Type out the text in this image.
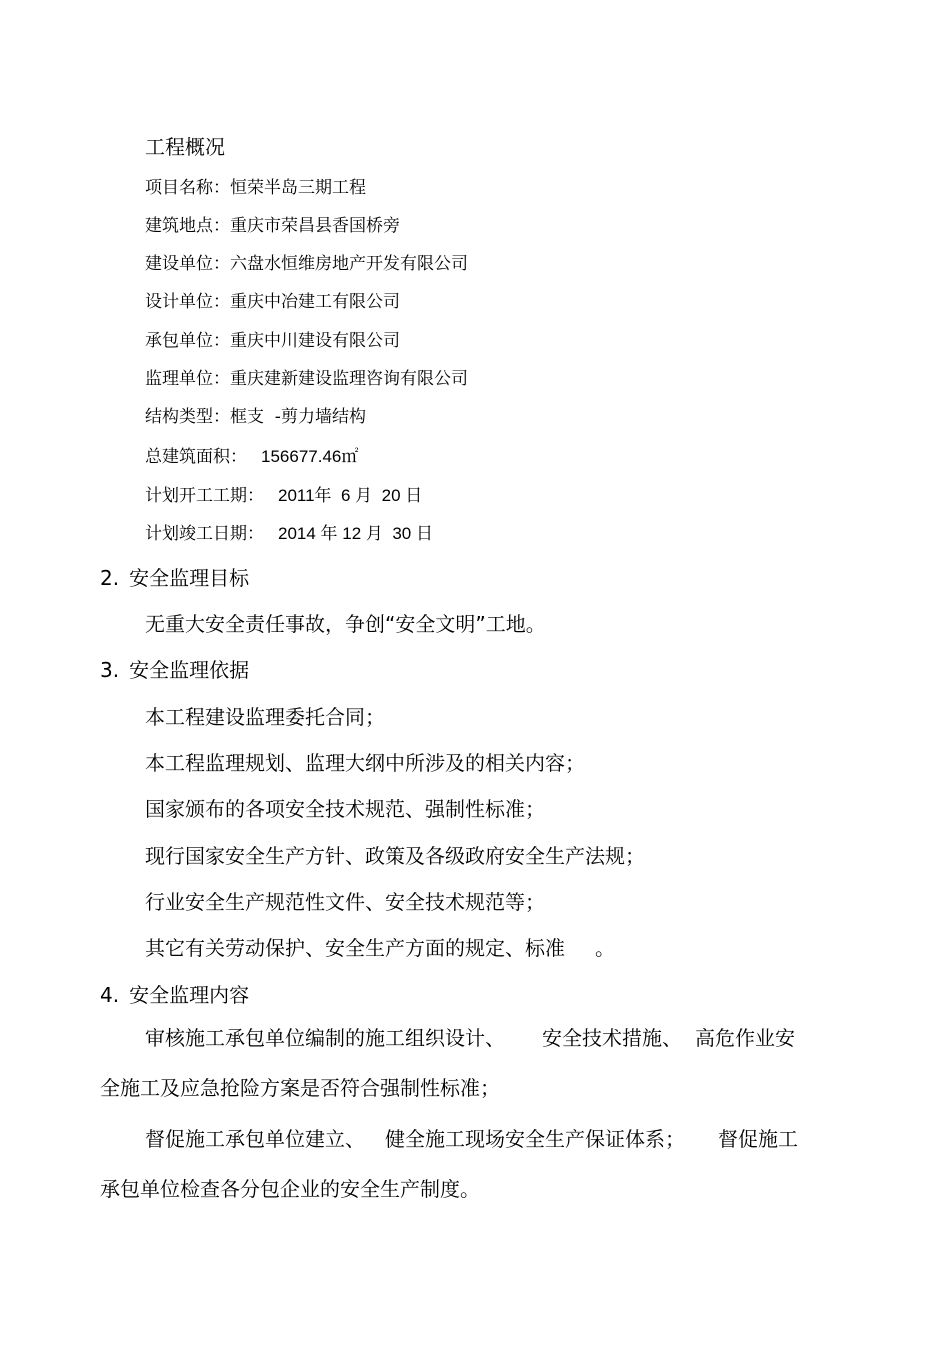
工程概况
项目名称：恒荣半岛三期工程
建筑地点：重庆市荣昌县香国桥旁
建设单位：六盘水恒维房地产开发有限公司
设计单位：重庆中冶建工有限公司
承包单位：重庆中川建设有限公司
监理单位：重庆建新建设监理咨询有限公司
结构类型：框支  -剪力墙结构
总建筑面积： 156677.46㎡
计划开工工期： 2011年  6 月  20 日
计划竣工日期： 2014 年 12 月  30 日
2. 安全监理目标
无重大安全责任事故，争创“安全文明”工地。
3. 安全监理依据
本工程建设监理委托合同；
本工程监理规划、监理大纲中所涉及的相关内容；
国家颁布的各项安全技术规范、强制性标准；
现行国家安全生产方针、政策及各级政府安全生产法规；
行业安全生产规范性文件、安全技术规范等；
其它有关劳动保护、安全生产方面的规定、标准 。
4. 安全监理内容
审核施工承包单位编制的施工组织设计、 安全技术措施、 高危作业安
全施工及应急抢险方案是否符合强制性标准；
督促施工承包单位建立、 健全施工现场安全生产保证体系； 督促施工
承包单位检查各分包企业的安全生产制度。
